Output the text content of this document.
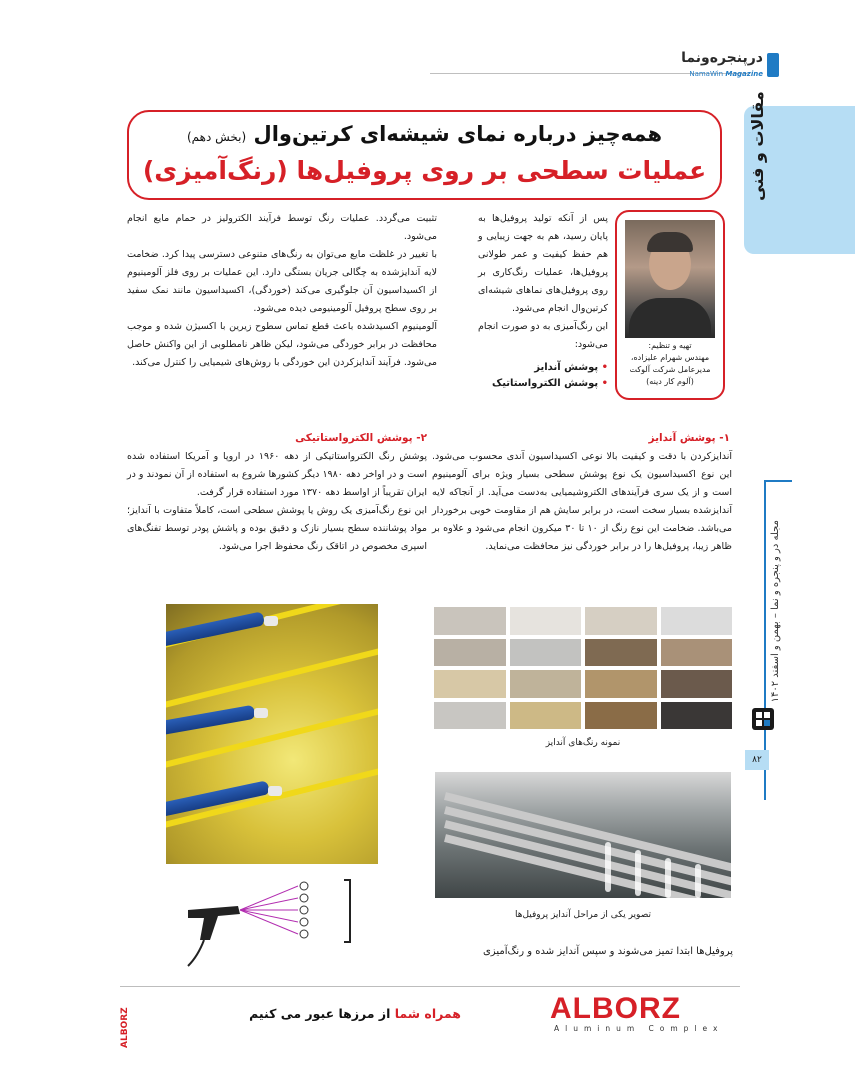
درپنجره‌و‌نما
NamaWin Magazine
مقالات و فنی
مجله در و پنجره و نما – بهمن و اسفند ۱۴۰۲
۸۲
همه‌چیز درباره نمای شیشه‌ای کرتین‌وال (بخش دهم)
عملیات سطحی بر روی پروفیل‌ها (رنگ‌آمیزی)
تهیه و تنظیم:
مهندس شهرام علیزاده،
مدیرعامل شرکت آلوکت
(آلوم کار دینه)
پس از آنکه تولید پروفیل‌ها به پایان رسید، هم به جهت زیبایی و هم حفظ کیفیت و عمر طولانی پروفیل‌ها، عملیات رنگ‌کاری بر روی پروفیل‌های نماهای شیشه‌ای کرتین‌وال انجام می‌شود.
این رنگ‌آمیزی به دو صورت انجام می‌شود:
• پوشش آندایز
• پوشش الکترواستاتیک
تثبیت می‌گردد. عملیات رنگ توسط فرآیند الکترولیز در حمام مایع انجام می‌شود.
با تغییر در غلظت مایع می‌توان به رنگ‌های متنوعی دسترسی پیدا کرد. ضخامت لایه آندایزشده به چگالی جریان بستگی دارد. این عملیات بر روی فلز آلومینیوم از اکسیداسیون آن جلوگیری می‌کند (خوردگی)، اکسیداسیون مانند نمک سفید بر روی سطح پروفیل آلومینیومی دیده می‌شود.
آلومینیوم اکسیدشده باعث قطع تماس سطوح زیرین با اکسیژن شده و موجب محافظت در برابر خوردگی می‌شود، لیکن ظاهر نامطلوبی از این واکنش حاصل می‌شود. فرآیند آندایزکردن این خوردگی با روش‌های شیمیایی را کنترل می‌کند.
۱- پوشش آندایز
آندایزکردن با دقت و کیفیت بالا نوعی اکسیداسیون آندی محسوب می‌شود. این نوع اکسیداسیون یک نوع پوشش سطحی بسیار ویژه برای آلومینیوم است و از یک سری فرآیندهای الکتروشیمیایی به‌دست می‌آید. از آنجاکه لایه آندایزشده بسیار سخت است، در برابر سایش هم از مقاومت خوبی برخوردار می‌باشد. ضخامت این نوع رنگ از ۱۰ تا ۳۰ میکرون انجام می‌شود و علاوه بر ظاهر زیبا، پروفیل‌ها را در برابر خوردگی نیز محافظت می‌نماید.
۲- پوشش الکترواستاتیکی
پوشش رنگ الکترواستاتیکی از دهه ۱۹۶۰ در اروپا و آمریکا استفاده شده است و در اواخر دهه ۱۹۸۰ دیگر کشورها شروع به استفاده از آن نمودند و در ایران تقریباً از اواسط دهه ۱۳۷۰ مورد استفاده قرار گرفت.
این نوع رنگ‌آمیزی یک روش یا پوشش سطحی است، کاملاً متفاوت با آندایز؛ مواد پوشاننده سطح بسیار نازک و دقیق بوده و پاشش پودر توسط تفنگ‌های اسپری مخصوص در اتاقک رنگ محفوظ اجرا می‌شود.
نمونه رنگ‌های آندایز
تصویر یکی از مراحل آندایز پروفیل‌ها
پروفیل‌ها ابتدا تمیز می‌شوند و سپس آندایز شده و رنگ‌آمیزی
همراه شما از مرزها عبور می کنیم	ALBORZ
Aluminum Complex
ALBORZ
